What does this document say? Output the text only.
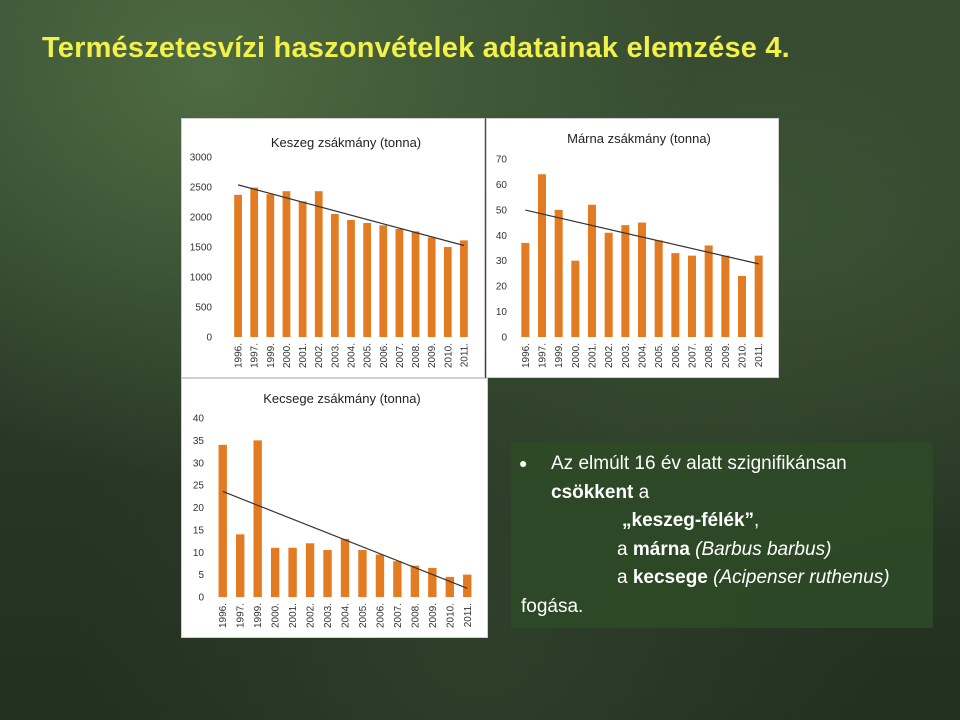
Természetesvízi haszonvételek adatainak elemzése 4.
Keszeg zsákmány (tonna)
0
500
1000
1500
2000
2500
3000
1996. 1997. 1999. 2000. 2001. 2002. 2003. 2004. 2005. 2006. 2007. 2008. 2009. 2010. 2011.
Márna zsákmány (tonna)
0
10
20
30
40
50
60
70
1996. 1997. 1999. 2000. 2001. 2002. 2003. 2004. 2005. 2006. 2007. 2008. 2009. 2010. 2011.
Kecsege zsákmány (tonna)
0
5
10
15
20
25
30
35
40
1996. 1997. 1999. 2000. 2001. 2002. 2003. 2004. 2005. 2006. 2007. 2008. 2009. 2010. 2011.
● Az elmúlt 16 év alatt szignifikánsan
csökkent a
„keszeg-félék”,
a márna (Barbus barbus)
a kecsege (Acipenser ruthenus)
fogása.
